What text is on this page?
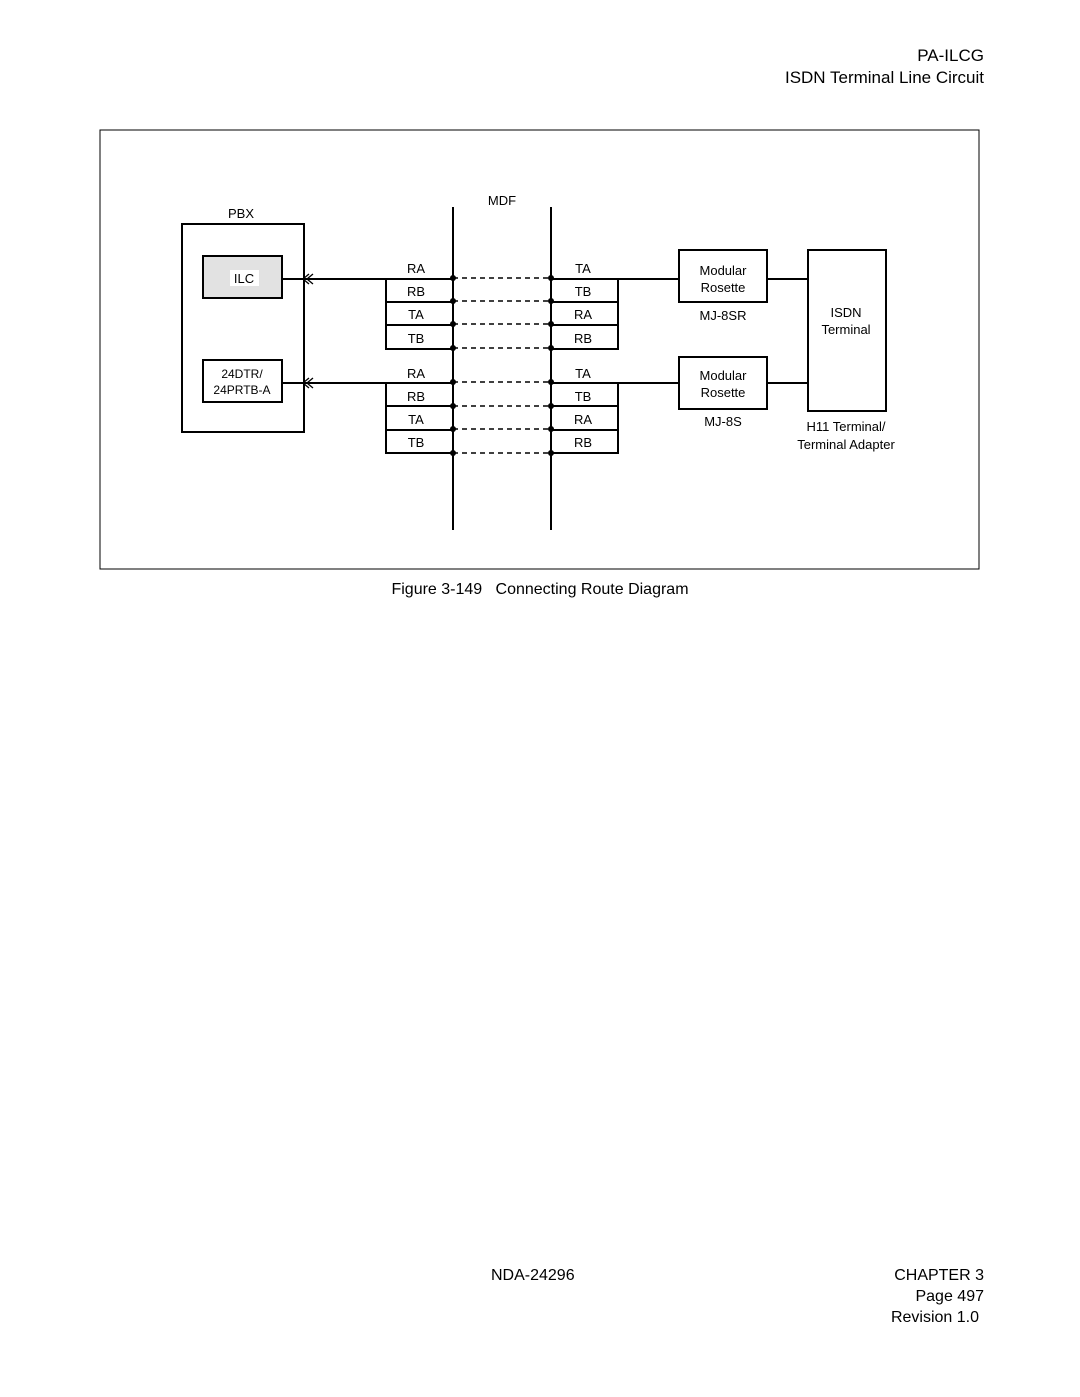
PA-ILCG
ISDN Terminal Line Circuit
PBX
ILC
24DTR/
24PRTB-A
MDF
RA
RB
TA
TB
TA
TB
RA
RB
RA
RB
TA
TB
TA
TB
RA
RB
Modular
Rosette
MJ-8SR
Modular
Rosette
MJ-8S
ISDN
Terminal
H11 Terminal/
Terminal Adapter
Figure 3-149 Connecting Route Diagram
NDA-24296	CHAPTER 3
Page 497
Revision 1.0
